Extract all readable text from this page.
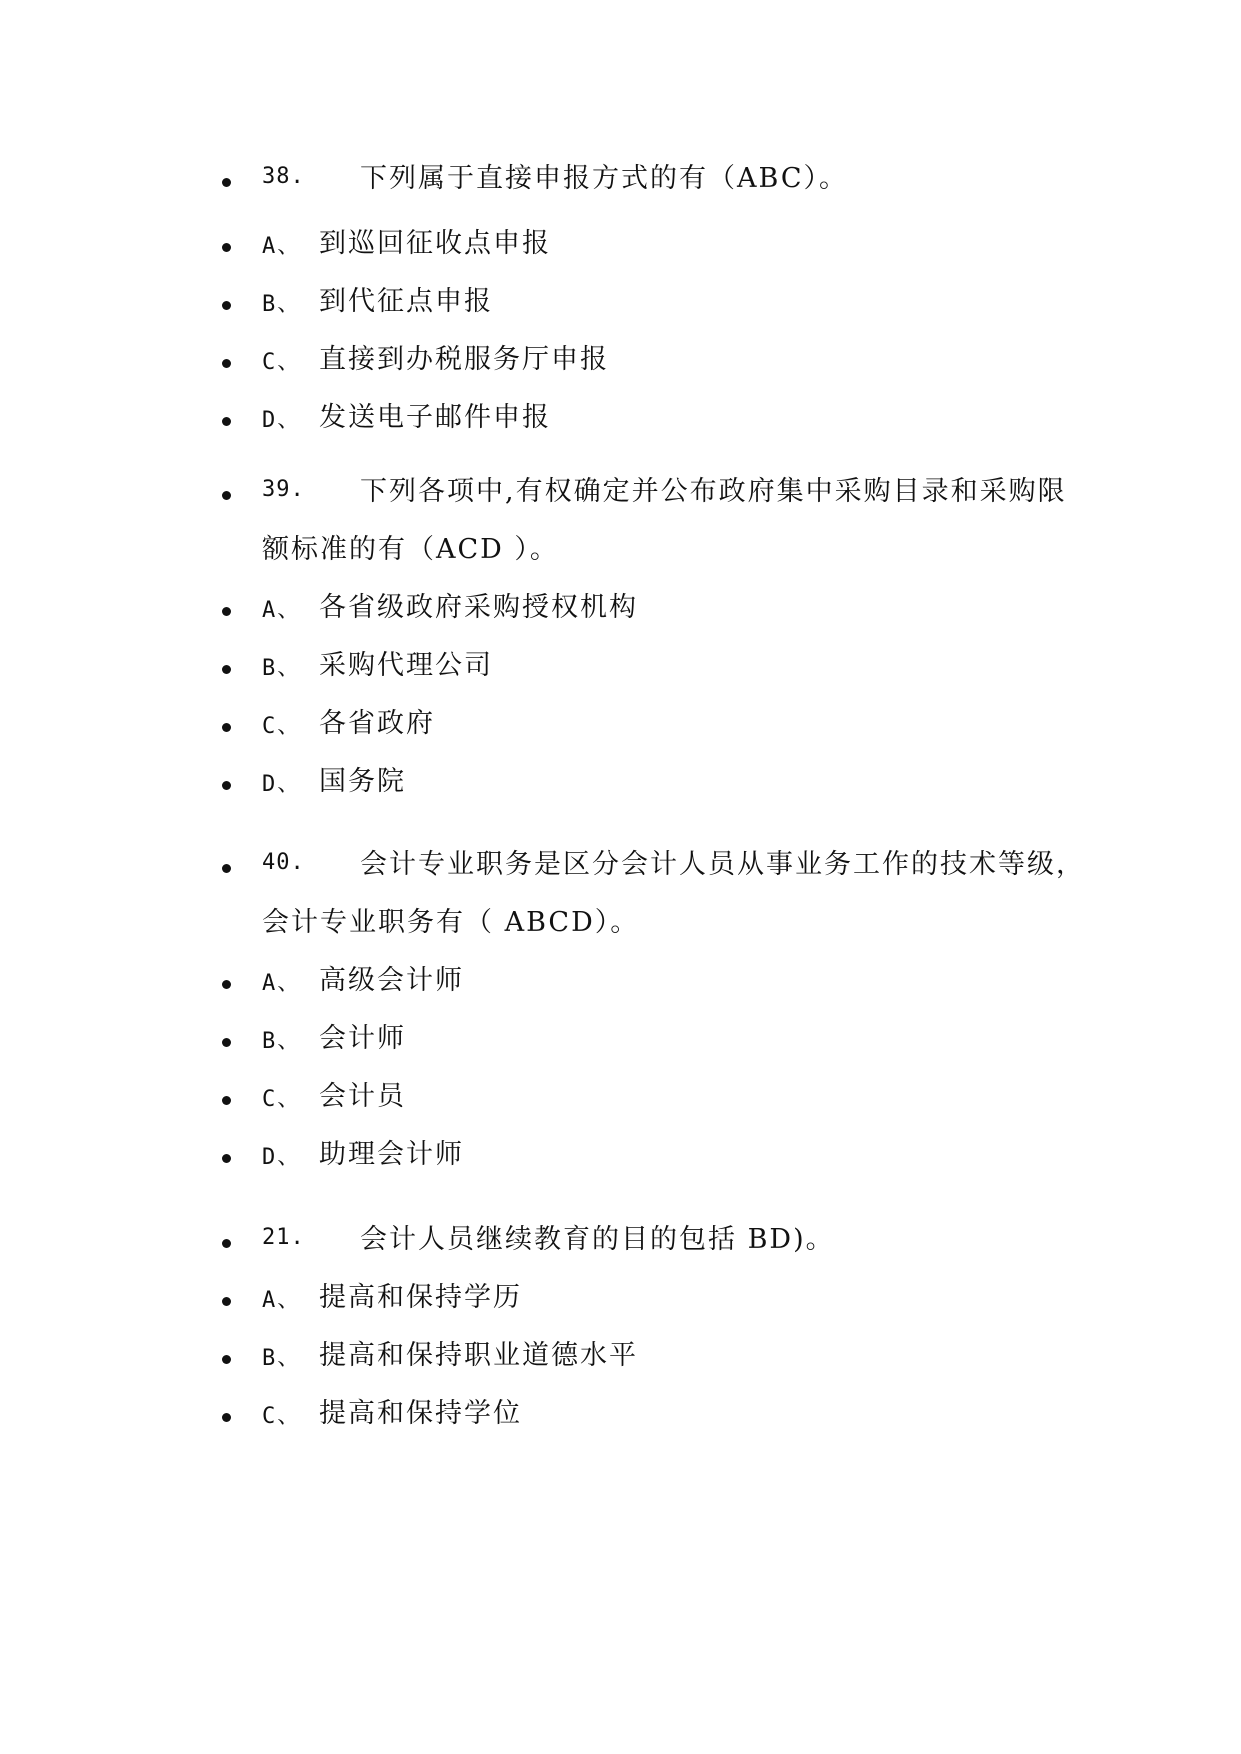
38. 下列属于直接申报方式的有（ABC）。
A、 到巡回征收点申报
B、 到代征点申报
C、 直接到办税服务厅申报
D、 发送电子邮件申报
39. 下列各项中,有权确定并公布政府集中采购目录和采购限
额标准的有（ACD ）。
A、 各省级政府采购授权机构
B、 采购代理公司
C、 各省政府
D、 国务院
40. 会计专业职务是区分会计人员从事业务工作的技术等级，
会计专业职务有（ ABCD）。
A、 高级会计师
B、 会计师
C、 会计员
D、 助理会计师
21. 会计人员继续教育的目的包括 BD)。
A、 提高和保持学历
B、 提高和保持职业道德水平
C、 提高和保持学位
